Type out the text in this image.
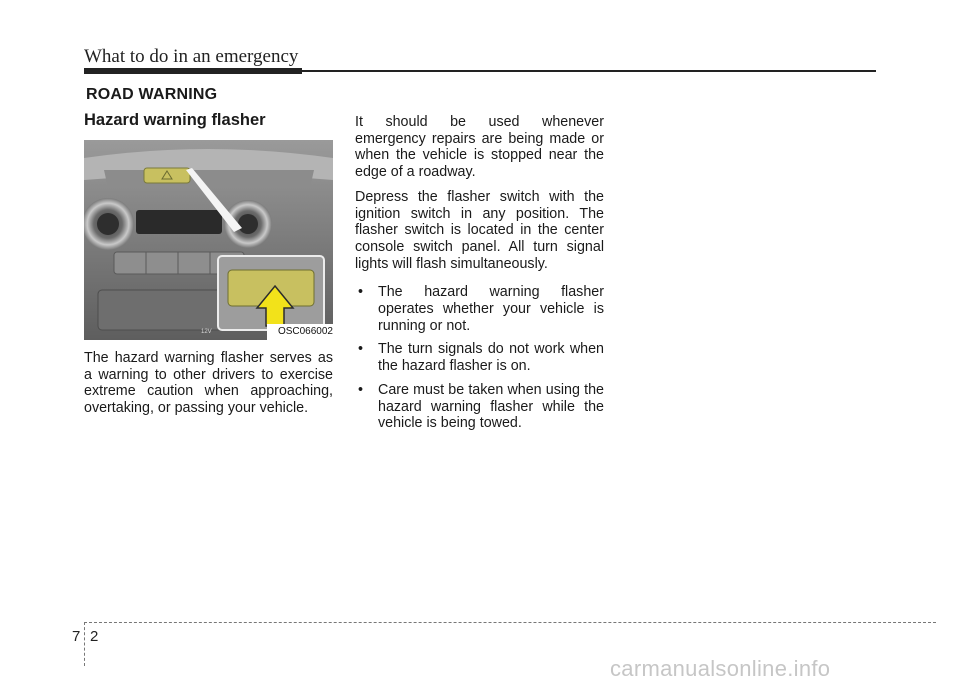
What to do in an emergency
ROAD WARNING
Hazard warning flasher
12V	OSC066002

The hazard warning flasher serves as a warning to other drivers to exercise extreme caution when approaching, overtaking, or passing your vehicle.

It should be used whenever emergency repairs are being made or when the vehicle is stopped near the edge of a roadway.

Depress the flasher switch with the ignition switch in any position. The flasher switch is located in the center console switch panel. All turn signal lights will flash simultaneously.

•	The hazard warning flasher operates whether your vehicle is running or not.
•	The turn signals do not work when the hazard flasher is on.
•	Care must be taken when using the hazard warning flasher while the vehicle is being towed.
7 2
carmanualsonline.info
